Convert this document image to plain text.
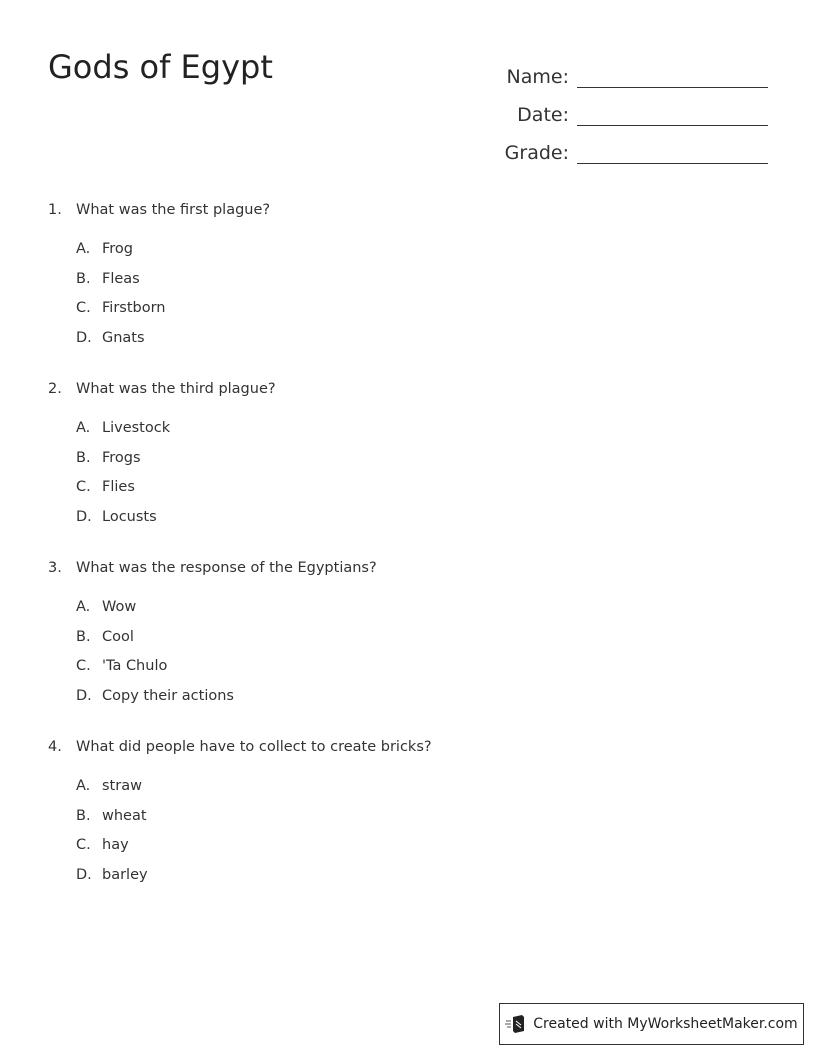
Gods of Egypt	Name:
Date:
Grade:
1. What was the first plague?
A. Frog
B. Fleas
C. Firstborn
D. Gnats
2. What was the third plague?
A. Livestock
B. Frogs
C. Flies
D. Locusts
3. What was the response of the Egyptians?
A. Wow
B. Cool
C. 'Ta Chulo
D. Copy their actions
4. What did people have to collect to create bricks?
A. straw
B. wheat
C. hay
D. barley
Created with MyWorksheetMaker.com
